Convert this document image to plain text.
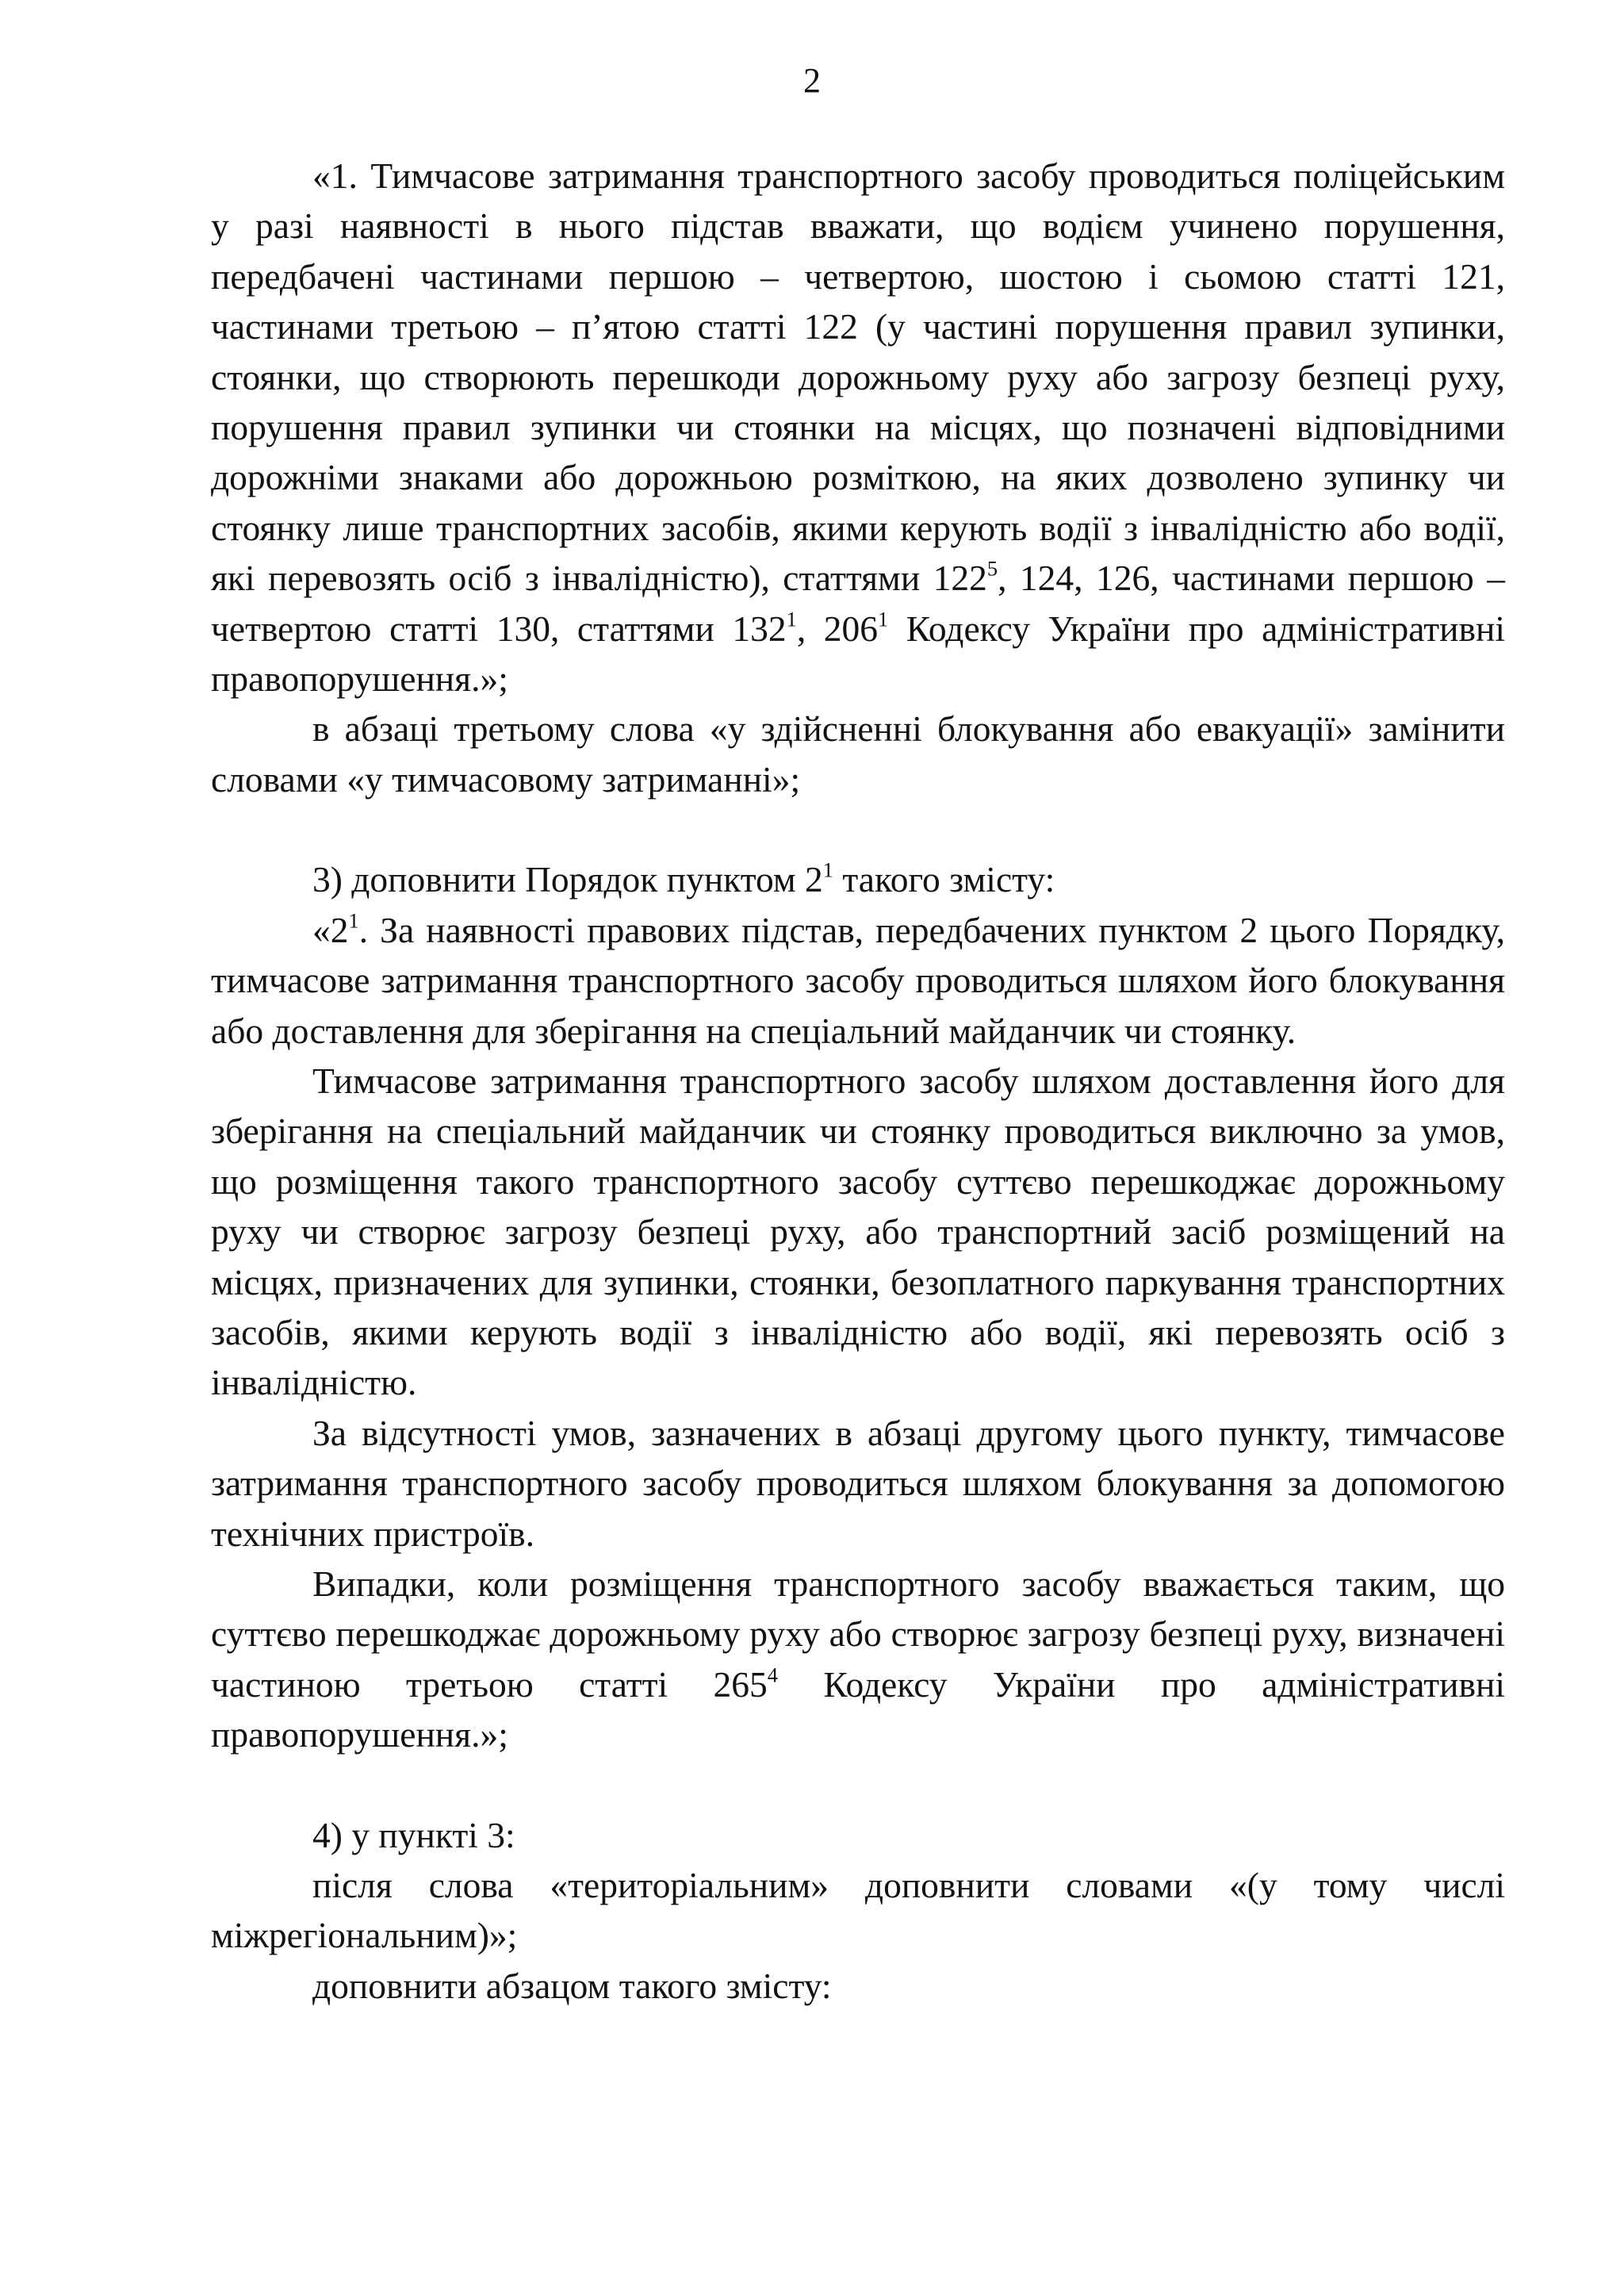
2

«1. Тимчасове затримання транспортного засобу проводиться поліцейським у разі наявності в нього підстав вважати, що водієм учинено порушення, передбачені частинами першою – четвертою, шостою і сьомою статті 121, частинами третьою – п’ятою статті 122 (у частині порушення правил зупинки, стоянки, що створюють перешкоди дорожньому руху або загрозу безпеці руху, порушення правил зупинки чи стоянки на місцях, що позначені відповідними дорожніми знаками або дорожньою розміткою, на яких дозволено зупинку чи стоянку лише транспортних засобів, якими керують водії з інвалідністю або водії, які перевозять осіб з інвалідністю), статтями $122^5$, 124, 126, частинами першою – четвертою статті 130, статтями $132^1$, $206^1$ Кодексу України про адміністративні правопорушення.»;

в абзаці третьому слова «у здійсненні блокування або евакуації» замінити словами «у тимчасовому затриманні»;

3) доповнити Порядок пунктом $2^1$ такого змісту:

«$2^1$. За наявності правових підстав, передбачених пунктом 2 цього Порядку, тимчасове затримання транспортного засобу проводиться шляхом його блокування або доставлення для зберігання на спеціальний майданчик чи стоянку.

Тимчасове затримання транспортного засобу шляхом доставлення його для зберігання на спеціальний майданчик чи стоянку проводиться виключно за умов, що розміщення такого транспортного засобу суттєво перешкоджає дорожньому руху чи створює загрозу безпеці руху, або транспортний засіб розміщений на місцях, призначених для зупинки, стоянки, безоплатного паркування транспортних засобів, якими керують водії з інвалідністю або водії, які перевозять осіб з інвалідністю.

За відсутності умов, зазначених в абзаці другому цього пункту, тимчасове затримання транспортного засобу проводиться шляхом блокування за допомогою технічних пристроїв.

Випадки, коли розміщення транспортного засобу вважається таким, що суттєво перешкоджає дорожньому руху або створює загрозу безпеці руху, визначені частиною третьою статті $265^4$ Кодексу України про адміністративні правопорушення.»;

4) у пункті 3:

після слова «територіальним» доповнити словами «(у тому числі міжрегіональним)»;

доповнити абзацом такого змісту:
